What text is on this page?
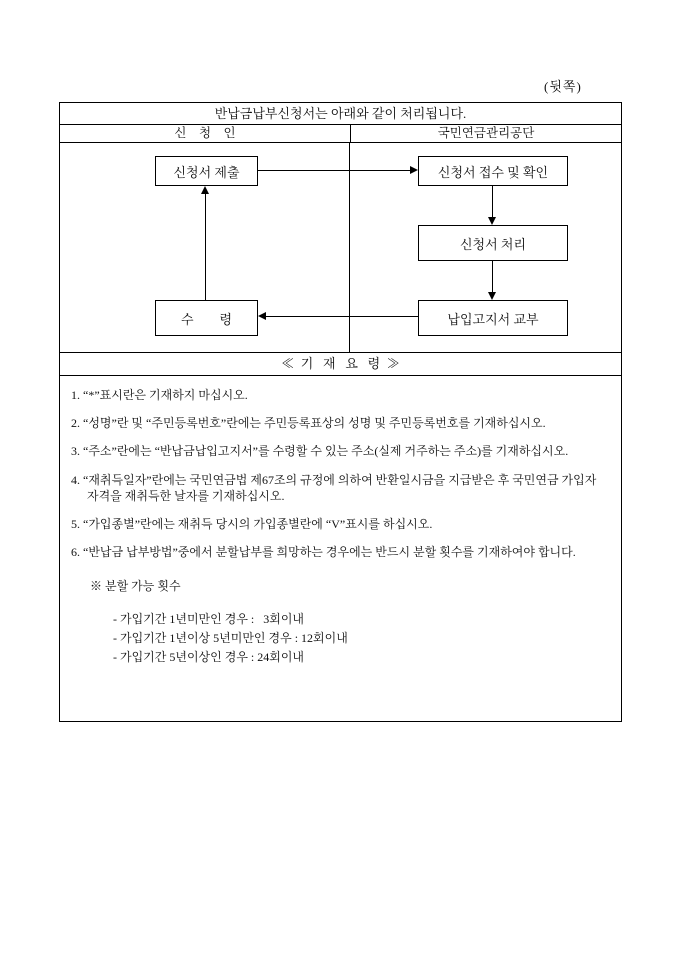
(뒷쪽)
반납금납부신청서는 아래와 같이 처리됩니다.
신    청    인	국민연금관리공단
신청서 제출	신청서 접수 및 확인
신청서 처리
납입고지서 교부
수        령
≪  기   재   요   령  ≫

1. “*”표시란은 기재하지 마십시오.

2. “성명”란 및 “주민등록번호”란에는 주민등록표상의 성명 및 주민등록번호를 기재하십시오.

3. “주소”란에는 “반납금납입고지서”를 수령할 수 있는 주소(실제 거주하는 주소)를 기재하십시오.

4. “재취득일자”란에는 국민연금법 제67조의 규정에 의하여 반환일시금을 지급받은 후 국민연금 가입자 자격을 재취득한 날자를 기재하십시오.

5. “가입종별”란에는 재취득 당시의 가입종별란에 “V”표시를 하십시오.

6. “반납금 납부방법”중에서 분할납부를 희망하는 경우에는 반드시 분할 횟수를 기재하여야 합니다.

※ 분할 가능 횟수

- 가입기간 1년미만인 경우 :   3회이내

- 가입기간 1년이상 5년미만인 경우 : 12회이내

- 가입기간 5년이상인 경우 : 24회이내
